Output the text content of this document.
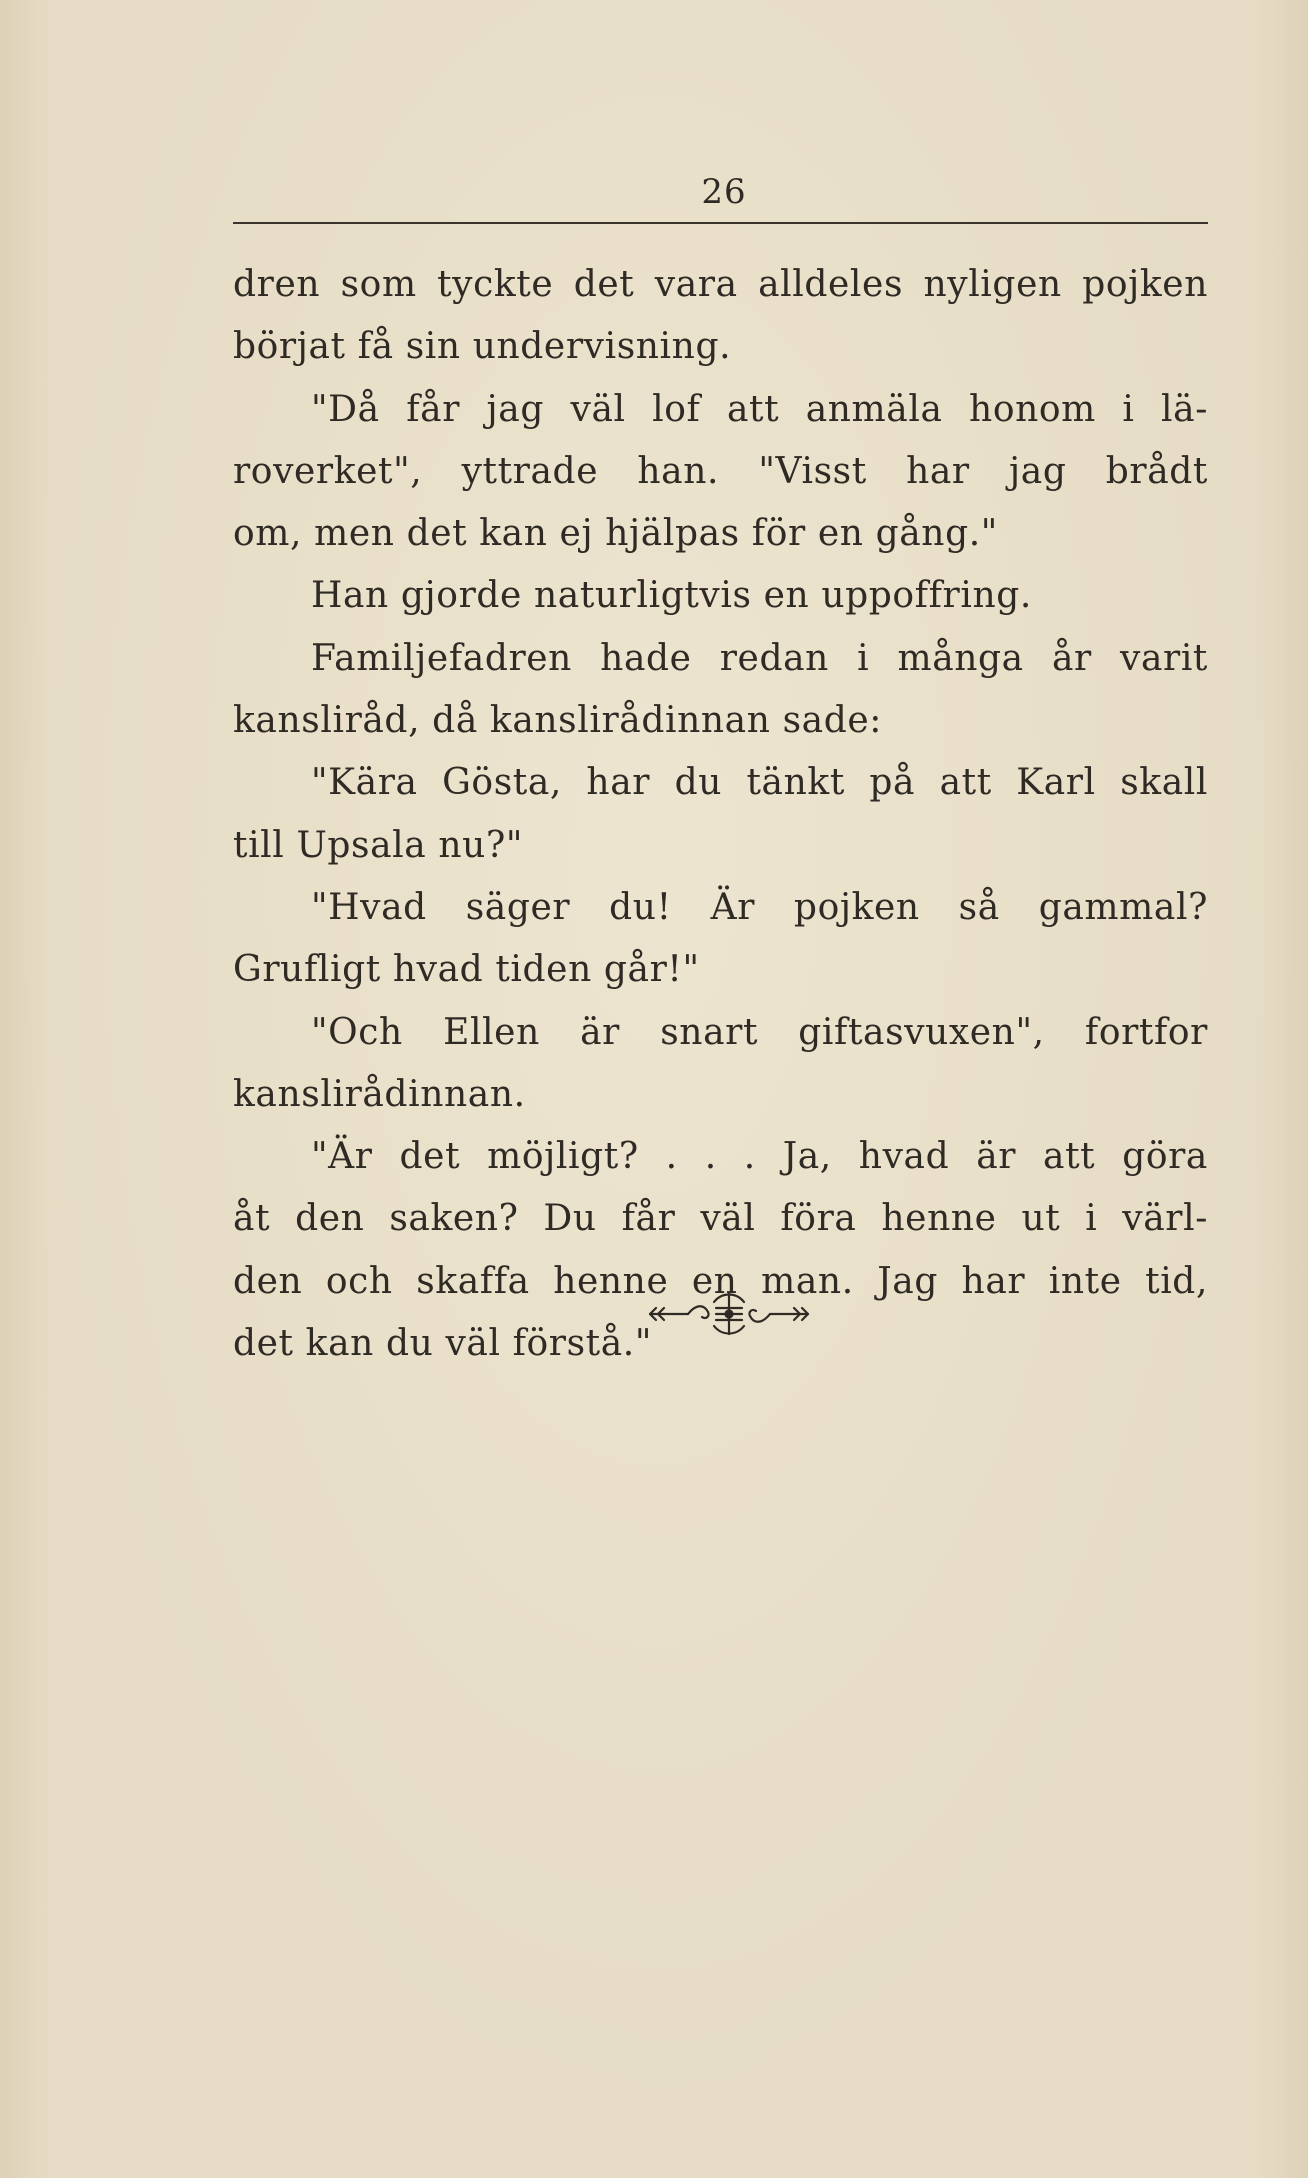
26
dren som tyckte det vara alldeles nyligen pojken
börjat få sin undervisning.
"Då får jag väl lof att anmäla honom i lä-
roverket", yttrade han. "Visst har jag brådt
om, men det kan ej hjälpas för en gång."
Han gjorde naturligtvis en uppoffring.
Familjefadren hade redan i många år varit
kansliråd, då kanslirådinnan sade:
"Kära Gösta, har du tänkt på att Karl skall
till Upsala nu?"
"Hvad säger du! Är pojken så gammal?
Grufligt hvad tiden går!"
"Och Ellen är snart giftasvuxen", fortfor
kanslirådinnan.
"Är det möjligt? . . . Ja, hvad är att göra
åt den saken? Du får väl föra henne ut i värl-
den och skaffa henne en man. Jag har inte tid,
det kan du väl förstå."
